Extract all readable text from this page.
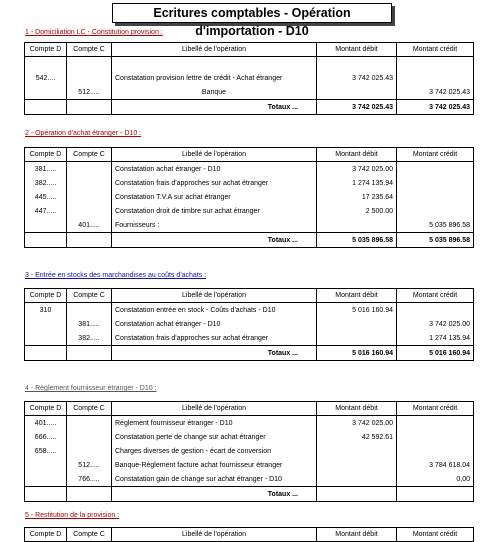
Ecritures comptables - Opération d'importation - D10
1 - Domiciliation LC - Constitution provision :
Compte D	Compte C	Libellé de l'opération	Montant débit	Montant crédit

542....		Constatation provision lettre de crédit - Achat étranger	3 742 025.43	
	512.....	Banque		3 742 025.43
		Totaux ...	3 742 025.43	3 742 025.43
2 - Opération d'achat étranger - D10 :
Compte D	Compte C	Libellé de l'opération	Montant débit	Montant crédit
381.....		Constatation achat étranger - D10	3 742 025.00	
382.....		Constatation frais d'approches sur achat étranger	1 274 135.94	
445.....		Constatation T.V.A sur achat étranger	17 235.64	
447.....		Constatation droit de timbre sur achat étranger	2 500.00	
	401.....	Fournisseurs :		5 035 896.58
		Totaux ...	5 035 896.58	5 035 896.58
3 - Entrée en stocks des marchandises au coûts d'achats :
Compte D	Compte C	Libellé de l'opération	Montant débit	Montant crédit
310		Constatation entrée en stock - Coûts d'achats - D10	5 016 160.94	
	381.....	Constatation achat étranger - D10		3 742 025.00
	382.....	Constatation frais d'approches sur achat étranger		1 274 135.94
		Totaux ...	5 016 160.94	5 016 160.94
4 - Règlement fournisseur étranger - D10 :
Compte D	Compte C	Libellé de l'opération	Montant débit	Montant crédit
401.....		Règlement fournisseur étranger - D10	3 742 025.00	
666.....		Constatation perte de change sur achat étranger	42 592.61	
658.....		Charges diverses de gestion - écart de conversion		
	512.....	Banque-Règlement facture achat fournisseur étranger		3 784 618.04
	766.....	Constatation gain de change sur achat étranger - D10		0,00
		Totaux ...		
5 - Restitution de la provision :
Compte D	Compte C	Libellé de l'opération	Montant débit	Montant crédit
